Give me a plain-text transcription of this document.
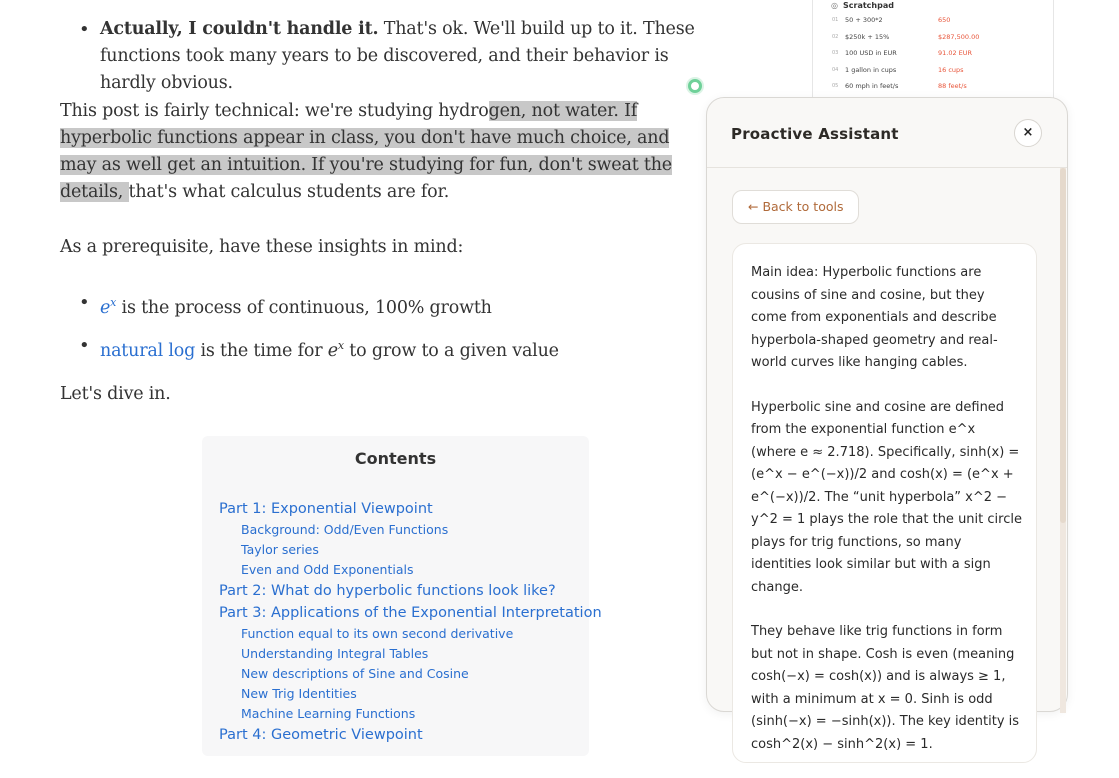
• Actually, I couldn't handle it. That's ok. We'll build up to it. These functions took many years to be discovered, and their behavior is hardly obvious.

This post is fairly technical: we're studying hydrogen, not water. If hyperbolic functions appear in class, you don't have much choice, and may as well get an intuition. If you're studying for fun, don't sweat the details, that's what calculus students are for.

As a prerequisite, have these insights in mind:

• e$^x$ is the process of continuous, 100% growth
• natural log is the time for $e^x$ to grow to a given value

Let's dive in.

Contents
Part 1: Exponential Viewpoint
Background: Odd/Even Functions
Taylor series
Even and Odd Exponentials
Part 2: What do hyperbolic functions look like?
Part 3: Applications of the Exponential Interpretation
Function equal to its own second derivative
Understanding Integral Tables
New descriptions of Sine and Cosine
New Trig Identities
Machine Learning Functions
Part 4: Geometric Viewpoint
◎ Scratchpad
01 50 + 300*2	650
02 $250k + 15%	$287,500.00
03 100 USD in EUR	91.02 EUR
04 1 gallon in cups	16 cups
05 60 mph in feet/s	88 feet/s
Proactive Assistant	×
← Back to tools

Main idea: Hyperbolic functions are cousins of sine and cosine, but they come from exponentials and describe hyperbola-shaped geometry and real-world curves like hanging cables.

Hyperbolic sine and cosine are defined from the exponential function e^x (where e ≈ 2.718). Specifically, sinh(x) = (e^x − e^(−x))/2 and cosh(x) = (e^x + e^(−x))/2. The “unit hyperbola” x^2 − y^2 = 1 plays the role that the unit circle plays for trig functions, so many identities look similar but with a sign change.

They behave like trig functions in form but not in shape. Cosh is even (meaning cosh(−x) = cosh(x)) and is always ≥ 1, with a minimum at x = 0. Sinh is odd (sinh(−x) = −sinh(x)). The key identity is cosh^2(x) − sinh^2(x) = 1.
